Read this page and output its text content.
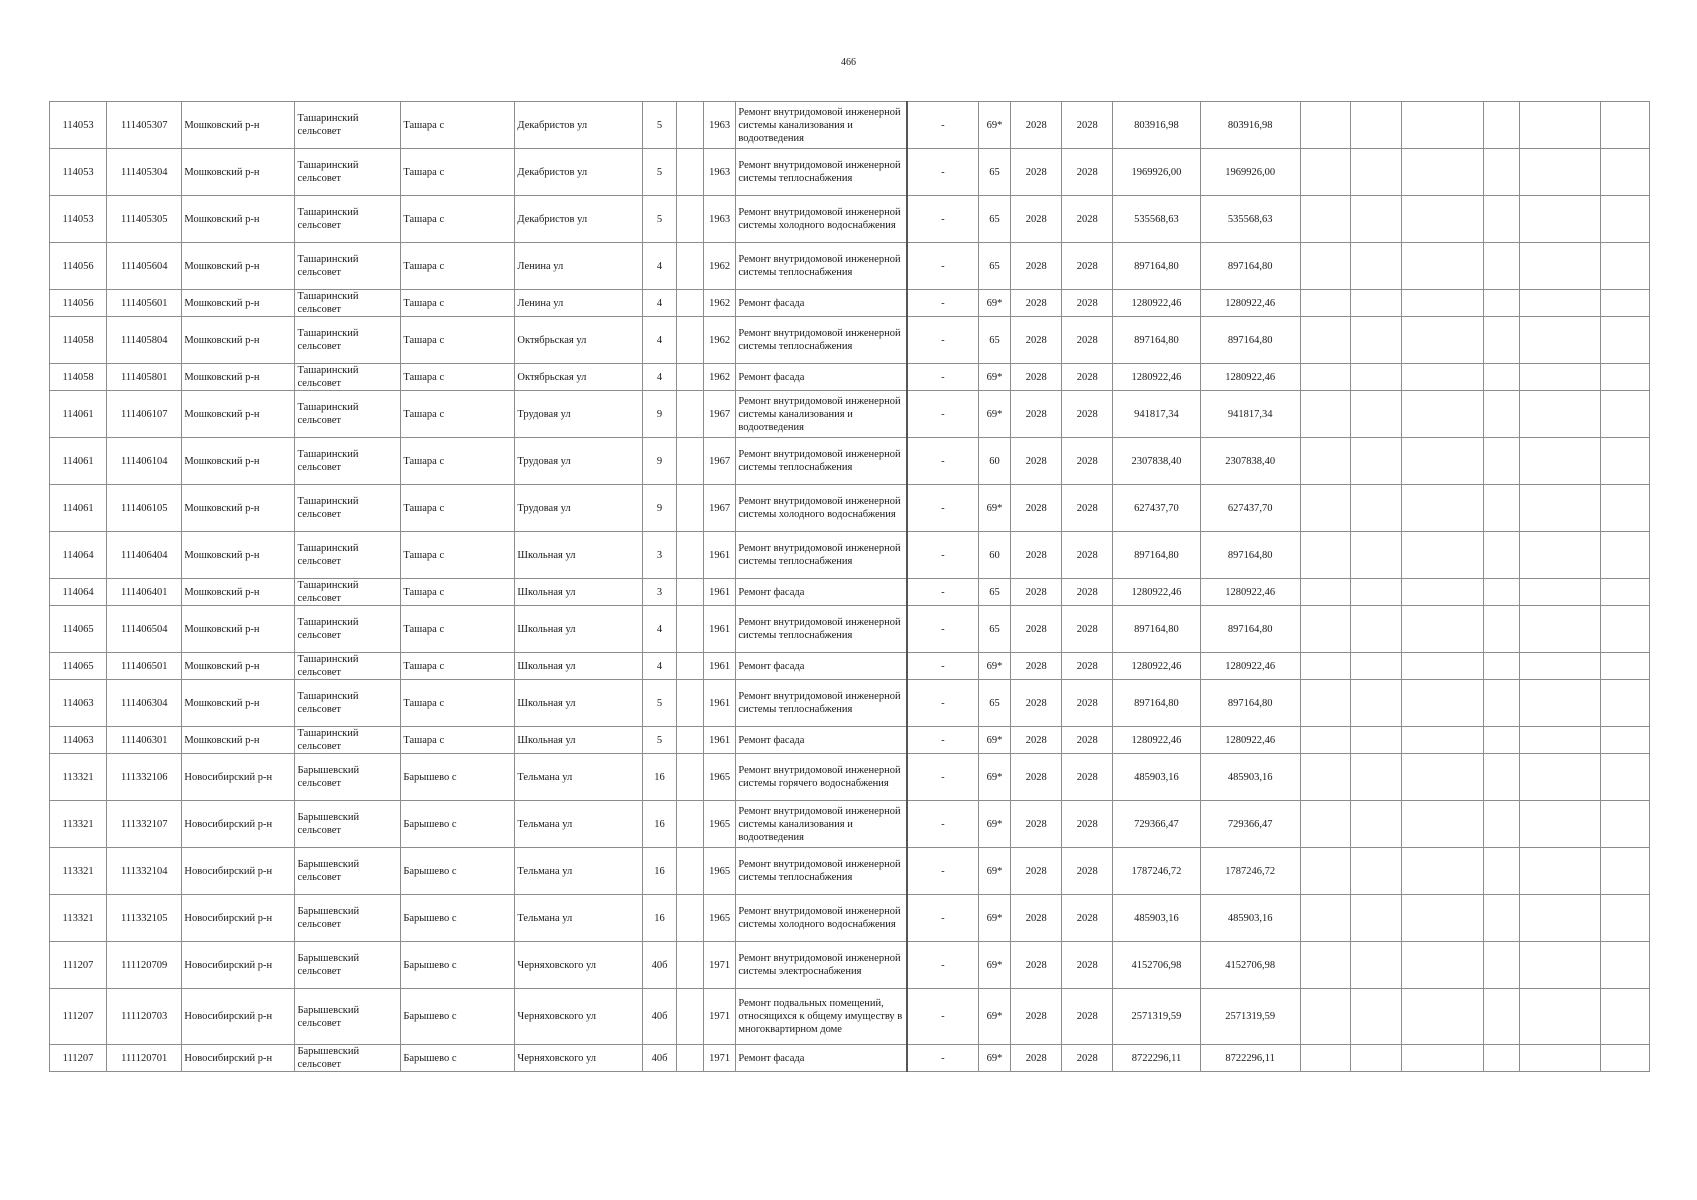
466
114053	111405307	Мошковский р-н	Ташаринский сельсовет	Ташара с	Декабристов ул	5		1963	Ремонт внутридомовой инженерной системы канализования и водоотведения	-	69*	2028	2028	803916,98	803916,98						
114053	111405304	Мошковский р-н	Ташаринский сельсовет	Ташара с	Декабристов ул	5		1963	Ремонт внутридомовой инженерной системы теплоснабжения	-	65	2028	2028	1969926,00	1969926,00						
114053	111405305	Мошковский р-н	Ташаринский сельсовет	Ташара с	Декабристов ул	5		1963	Ремонт внутридомовой инженерной системы холодного водоснабжения	-	65	2028	2028	535568,63	535568,63						
114056	111405604	Мошковский р-н	Ташаринский сельсовет	Ташара с	Ленина ул	4		1962	Ремонт внутридомовой инженерной системы теплоснабжения	-	65	2028	2028	897164,80	897164,80						
114056	111405601	Мошковский р-н	Ташаринский сельсовет	Ташара с	Ленина ул	4		1962	Ремонт фасада	-	69*	2028	2028	1280922,46	1280922,46						
114058	111405804	Мошковский р-н	Ташаринский сельсовет	Ташара с	Октябрьская ул	4		1962	Ремонт внутридомовой инженерной системы теплоснабжения	-	65	2028	2028	897164,80	897164,80						
114058	111405801	Мошковский р-н	Ташаринский сельсовет	Ташара с	Октябрьская ул	4		1962	Ремонт фасада	-	69*	2028	2028	1280922,46	1280922,46						
114061	111406107	Мошковский р-н	Ташаринский сельсовет	Ташара с	Трудовая ул	9		1967	Ремонт внутридомовой инженерной системы канализования и водоотведения	-	69*	2028	2028	941817,34	941817,34						
114061	111406104	Мошковский р-н	Ташаринский сельсовет	Ташара с	Трудовая ул	9		1967	Ремонт внутридомовой инженерной системы теплоснабжения	-	60	2028	2028	2307838,40	2307838,40						
114061	111406105	Мошковский р-н	Ташаринский сельсовет	Ташара с	Трудовая ул	9		1967	Ремонт внутридомовой инженерной системы холодного водоснабжения	-	69*	2028	2028	627437,70	627437,70						
114064	111406404	Мошковский р-н	Ташаринский сельсовет	Ташара с	Школьная ул	3		1961	Ремонт внутридомовой инженерной системы теплоснабжения	-	60	2028	2028	897164,80	897164,80						
114064	111406401	Мошковский р-н	Ташаринский сельсовет	Ташара с	Школьная ул	3		1961	Ремонт фасада	-	65	2028	2028	1280922,46	1280922,46						
114065	111406504	Мошковский р-н	Ташаринский сельсовет	Ташара с	Школьная ул	4		1961	Ремонт внутридомовой инженерной системы теплоснабжения	-	65	2028	2028	897164,80	897164,80						
114065	111406501	Мошковский р-н	Ташаринский сельсовет	Ташара с	Школьная ул	4		1961	Ремонт фасада	-	69*	2028	2028	1280922,46	1280922,46						
114063	111406304	Мошковский р-н	Ташаринский сельсовет	Ташара с	Школьная ул	5		1961	Ремонт внутридомовой инженерной системы теплоснабжения	-	65	2028	2028	897164,80	897164,80						
114063	111406301	Мошковский р-н	Ташаринский сельсовет	Ташара с	Школьная ул	5		1961	Ремонт фасада	-	69*	2028	2028	1280922,46	1280922,46						
113321	111332106	Новосибирский р-н	Барышевский сельсовет	Барышево с	Тельмана ул	16		1965	Ремонт внутридомовой инженерной системы горячего водоснабжения	-	69*	2028	2028	485903,16	485903,16						
113321	111332107	Новосибирский р-н	Барышевский сельсовет	Барышево с	Тельмана ул	16		1965	Ремонт внутридомовой инженерной системы канализования и водоотведения	-	69*	2028	2028	729366,47	729366,47						
113321	111332104	Новосибирский р-н	Барышевский сельсовет	Барышево с	Тельмана ул	16		1965	Ремонт внутридомовой инженерной системы теплоснабжения	-	69*	2028	2028	1787246,72	1787246,72						
113321	111332105	Новосибирский р-н	Барышевский сельсовет	Барышево с	Тельмана ул	16		1965	Ремонт внутридомовой инженерной системы холодного водоснабжения	-	69*	2028	2028	485903,16	485903,16						
111207	111120709	Новосибирский р-н	Барышевский сельсовет	Барышево с	Черняховского ул	40б		1971	Ремонт внутридомовой инженерной системы электроснабжения	-	69*	2028	2028	4152706,98	4152706,98						
111207	111120703	Новосибирский р-н	Барышевский сельсовет	Барышево с	Черняховского ул	40б		1971	Ремонт подвальных помещений, относящихся к общему имуществу в многоквартирном доме	-	69*	2028	2028	2571319,59	2571319,59						
111207	111120701	Новосибирский р-н	Барышевский сельсовет	Барышево с	Черняховского ул	40б		1971	Ремонт фасада	-	69*	2028	2028	8722296,11	8722296,11						
